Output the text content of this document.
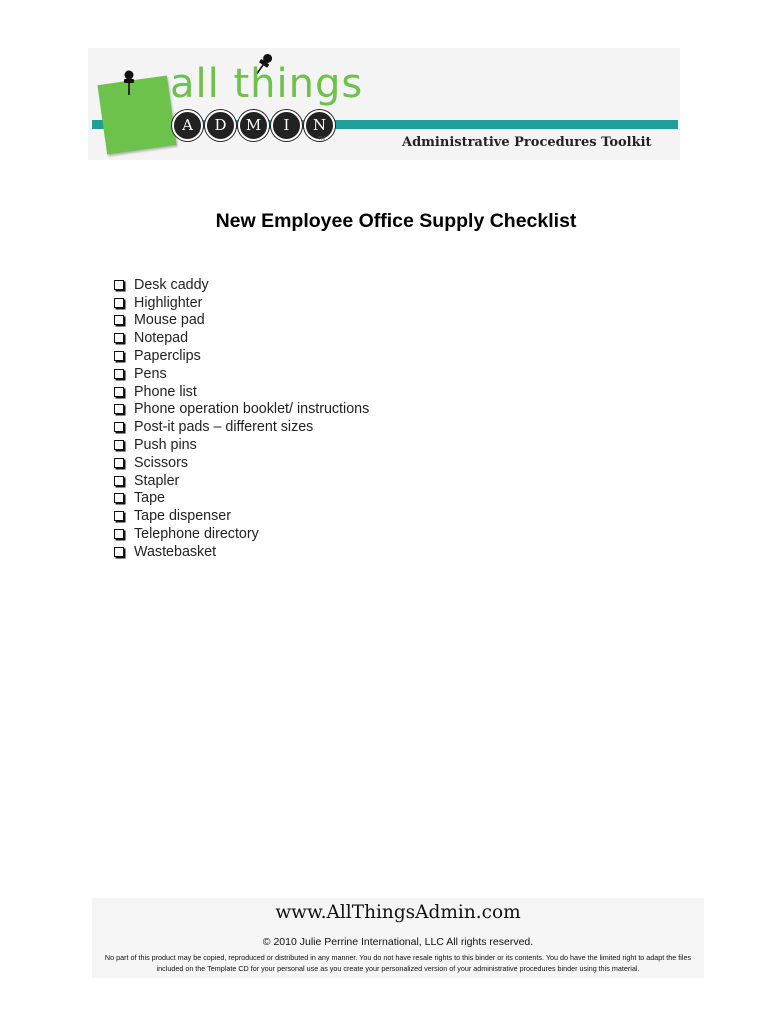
all things
A	D	M	I	N
TM	Administrative Procedures Toolkit
New Employee Office Supply Checklist
Desk caddy
Highlighter
Mouse pad
Notepad
Paperclips
Pens
Phone list
Phone operation booklet/ instructions
Post-it pads – different sizes
Push pins
Scissors
Stapler
Tape
Tape dispenser
Telephone directory
Wastebasket
www.AllThingsAdmin.com
© 2010 Julie Perrine International, LLC All rights reserved.
No part of this product may be copied, reproduced or distributed in any manner. You do not have resale rights to this binder or its contents. You do have the limited right to adapt the files included on the Template CD for your personal use as you create your personalized version of your administrative procedures binder using this material.
